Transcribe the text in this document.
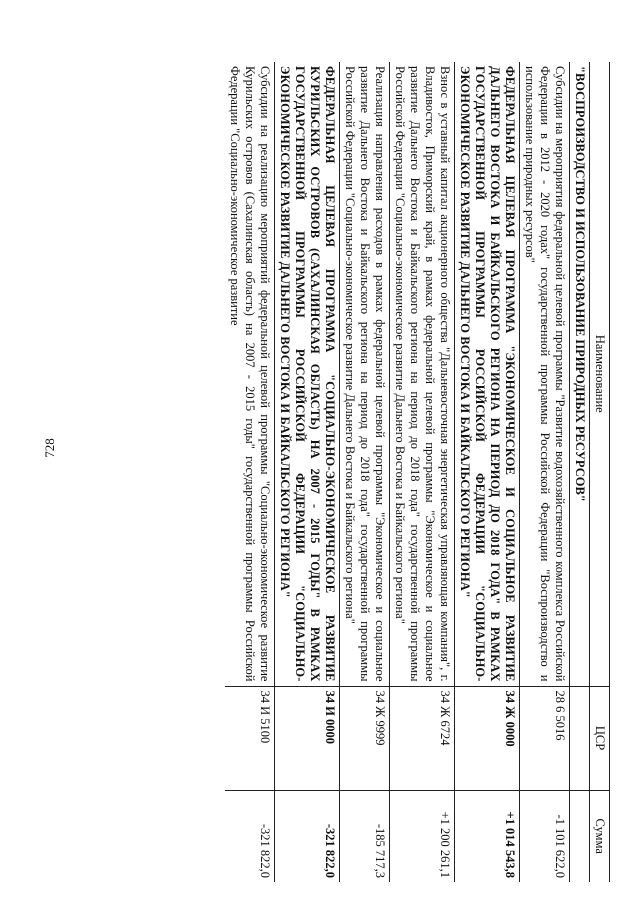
728
Наименование	ЦСР	Сумма
"ВОСПРОИЗВОДСТВО И ИСПОЛЬЗОВАНИЕ ПРИРОДНЫХ РЕСУРСОВ"		
Субсидии на мероприятия федеральной целевой программы "Развитие водохозяйственного комплекса Российской Федерации в 2012 - 2020 годах" государственной программы Российской Федерации "Воспроизводство и использование природных ресурсов"	28 6 5016	-1 101 622,0
ФЕДЕРАЛЬНАЯ ЦЕЛЕВАЯ ПРОГРАММА "ЭКОНОМИЧЕСКОЕ И СОЦИАЛЬНОЕ РАЗВИТИЕ ДАЛЬНЕГО ВОСТОКА И БАЙКАЛЬСКОГО РЕГИОНА НА ПЕРИОД ДО 2018 ГОДА" В РАМКАХ ГОСУДАРСТВЕННОЙ ПРОГРАММЫ РОССИЙСКОЙ ФЕДЕРАЦИИ "СОЦИАЛЬНО-ЭКОНОМИЧЕСКОЕ РАЗВИТИЕ ДАЛЬНЕГО ВОСТОКА И БАЙКАЛЬСКОГО РЕГИОНА"	34 Ж 0000	+1 014 543,8
Взнос в уставный капитал акционерного общества "Дальневосточная энергетическая управляющая компания", г. Владивосток, Приморский край, в рамках федеральной целевой программы "Экономическое и социальное развитие Дальнего Востока и Байкальского региона на период до 2018 года" государственной программы Российской Федерации "Социально-экономическое развитие Дальнего Востока и Байкальского региона"	34 Ж 6724	+1 200 261,1
Реализация направления расходов в рамках федеральной целевой программы "Экономическое и социальное развитие Дальнего Востока и Байкальского региона на период до 2018 года" государственной программы Российской Федерации "Социально-экономическое развитие Дальнего Востока и Байкальского региона"	34 Ж 9999	-185 717,3
ФЕДЕРАЛЬНАЯ ЦЕЛЕВАЯ ПРОГРАММА "СОЦИАЛЬНО-ЭКОНОМИЧЕСКОЕ РАЗВИТИЕ КУРИЛЬСКИХ ОСТРОВОВ (САХАЛИНСКАЯ ОБЛАСТЬ) НА 2007 - 2015 ГОДЫ" В РАМКАХ ГОСУДАРСТВЕННОЙ ПРОГРАММЫ РОССИЙСКОЙ ФЕДЕРАЦИИ "СОЦИАЛЬНО-ЭКОНОМИЧЕСКОЕ РАЗВИТИЕ ДАЛЬНЕГО ВОСТОКА И БАЙКАЛЬСКОГО РЕГИОНА"	34 И 0000	-321 822,0
Субсидии на реализацию мероприятий федеральной целевой программы "Социально-экономическое развитие Курильских островов (Сахалинская область) на 2007 - 2015 годы" государственной программы Российской Федерации "Социально-экономическое развитие	34 И 5100	-321 822,0
